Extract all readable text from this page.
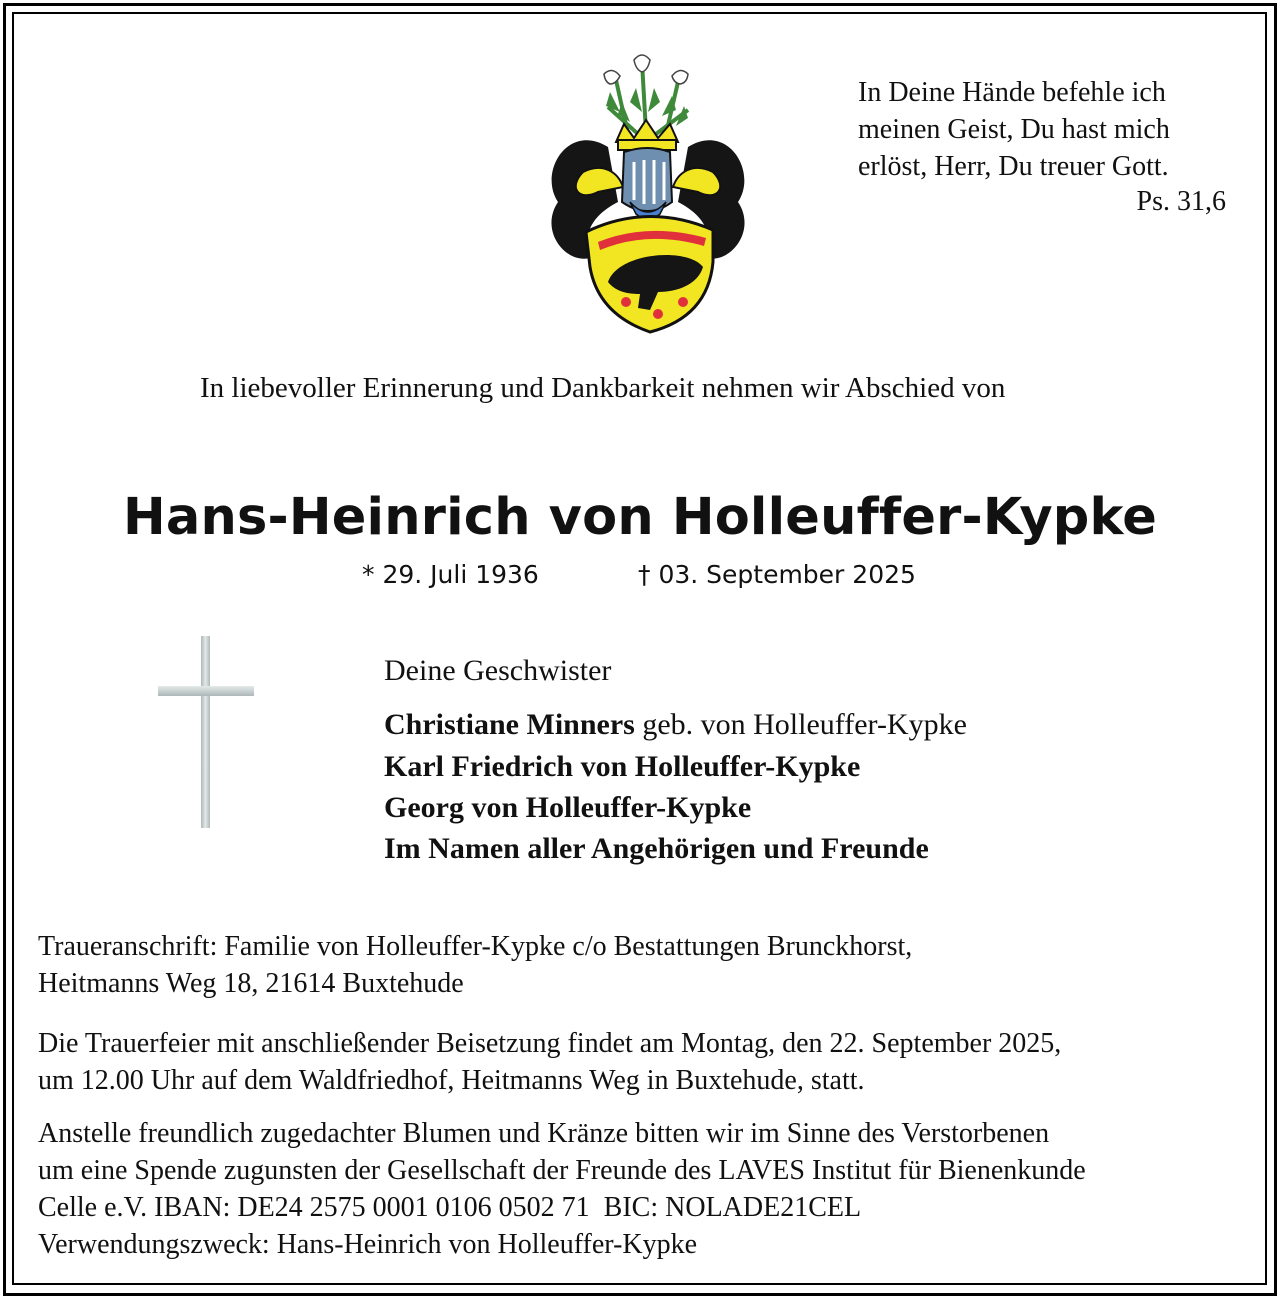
In Deine Hände befehle ich
meinen Geist, Du hast mich
erlöst, Herr, Du treuer Gott.
Ps. 31,6
In liebevoller Erinnerung und Dankbarkeit nehmen wir Abschied von
Hans-Heinrich von Holleuffer-Kypke
* 29. Juli 1936	† 03. September 2025
Deine Geschwister
Christiane Minners geb. von Holleuffer-Kypke
Karl Friedrich von Holleuffer-Kypke
Georg von Holleuffer-Kypke
Im Namen aller Angehörigen und Freunde
Traueranschrift: Familie von Holleuffer-Kypke c/o Bestattungen Brunckhorst,
Heitmanns Weg 18, 21614 Buxtehude
Die Trauerfeier mit anschließender Beisetzung findet am Montag, den 22. September 2025,
um 12.00 Uhr auf dem Waldfriedhof, Heitmanns Weg in Buxtehude, statt.
Anstelle freundlich zugedachter Blumen und Kränze bitten wir im Sinne des Verstorbenen
um eine Spende zugunsten der Gesellschaft der Freunde des LAVES Institut für Bienenkunde
Celle e.V. IBAN: DE24 2575 0001 0106 0502 71  BIC: NOLADE21CEL
Verwendungszweck: Hans-Heinrich von Holleuffer-Kypke
